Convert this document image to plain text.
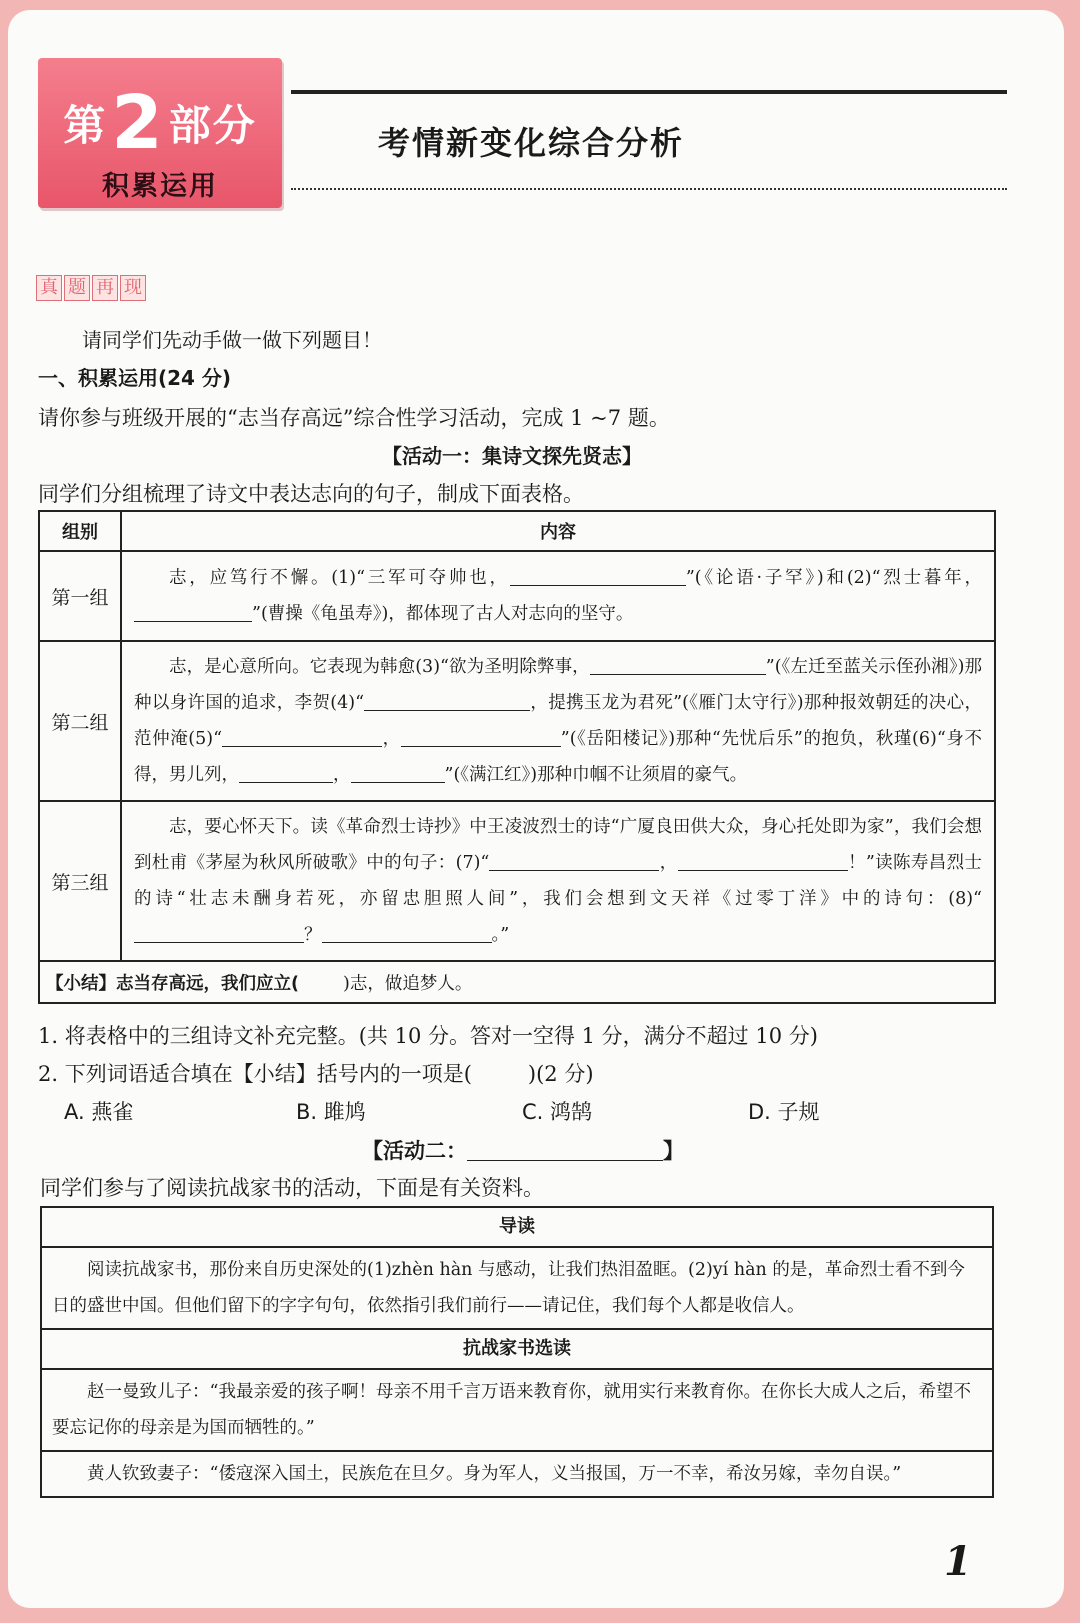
第2部分
积累运用
考情新变化综合分析
真 题 再 现
请同学们先动手做一做下列题目！
一、积累运用(24 分)
请你参与班级开展的“志当存高远”综合性学习活动，完成 1 ~7 题。
【活动一：集诗文探先贤志】
同学们分组梳理了诗文中表达志向的句子，制成下面表格。
组别	内容
第一组	志，应笃行不懈。(1)“三军可夺帅也， ”(《论语·子罕》)和(2)“烈士暮年，”(曹操《龟虽寿》)，都体现了古人对志向的坚守。

第二组	志，是心意所向。它表现为韩愈(3)“欲为圣明除弊事， ”(《左迁至蓝关示侄孙湘》)那种以身许国的追求，李贺(4)“ ，提携玉龙为君死”(《雁门太守行》)那种报效朝廷的决心，范仲淹(5)“ ， ”(《岳阳楼记》)那种“先忧后乐”的抱负，秋瑾(6)“身不得，男儿列， ， ”(《满江红》)那种巾帼不让须眉的豪气。

第三组	志，要心怀天下。读《革命烈士诗抄》中王凌波烈士的诗“广厦良田供大众，身心托处即为家”，我们会想到杜甫《茅屋为秋风所破歌》中的句子：(7)“ ， ！”读陈寿昌烈士的诗“壮志未酬身若死，亦留忠胆照人间”，我们会想到文天祥《过零丁洋》中的诗句：(8)“？ 。”

【小结】志当存高远，我们应立( )志，做追梦人。	
1. 将表格中的三组诗文补充完整。(共 10 分。答对一空得 1 分，满分不超过 10 分)
2. 下列词语适合填在【小结】括号内的一项是(	)(2 分)
A. 燕雀	B. 雎鸠	C. 鸿鹄	D. 子规
【活动二：	】
同学们参与了阅读抗战家书的活动，下面是有关资料。
导读

阅读抗战家书，那份来自历史深处的(1)zhèn hàn 与感动，让我们热泪盈眶。(2)yí hàn 的是，革命烈士看不到今日的盛世中国。但他们留下的字字句句，依然指引我们前行——请记住，我们每个人都是收信人。

抗战家书选读

赵一曼致儿子：“我最亲爱的孩子啊！母亲不用千言万语来教育你，就用实行来教育你。在你长大成人之后，希望不要忘记你的母亲是为国而牺牲的。”

黄人钦致妻子：“倭寇深入国土，民族危在旦夕。身为军人，义当报国，万一不幸，希汝另嫁，幸勿自误。”
1
